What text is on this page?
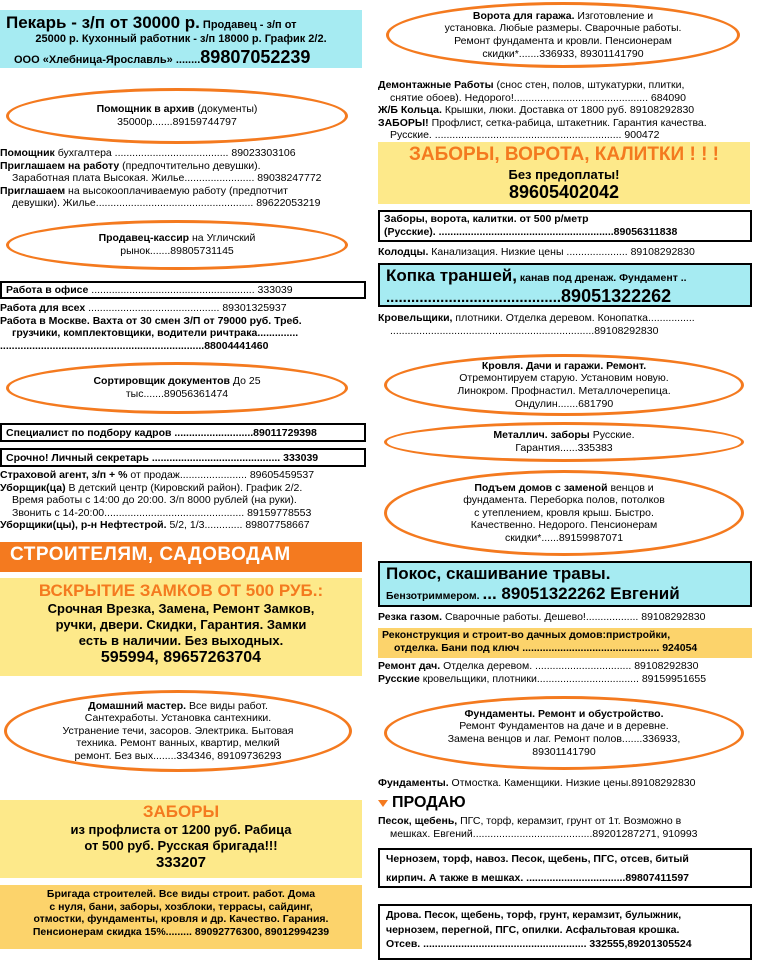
Пекарь - з/п от 30000 р. Продавец - з/п от
25000 р. Кухонный работник - з/п 18000 р. График 2/2.
ООО «Хлебница-Ярославль» ........89807052239
Помощник в архив (документы)
35000р.......89159744797
Помощник бухгалтера ....................................... 89023303106
Приглашаем на работу (предпочтительно девушки).
Заработная плата Высокая. Жилье........................ 89038247772
Приглашаем на высокооплачиваемую работу (предпотчит
девушки). Жилье...................................................... 89622053219
Продавец-кассир на Угличский
рынок.......89805731145
Работа в офисе ........................................................ 333039
Работа для всех ............................................. 89301325937
Работа в Москве. Вахта от 30 смен З/П от 79000 руб. Треб.
грузчики, комплектовщики, водители ричтрака..............
......................................................................88004441460
Сортировщик документов До 25
тыс.......89056361474
Специалист по подбору кадров ...........................89011729398
Срочно! Личный секретарь ............................................ 333039
Страховой агент, з/п + % от продаж....................... 89605459537
Уборщик(ца) В детский центр (Кировский район). График 2/2.
Время работы с 14:00 до 20:00. З/п 8000 рублей (на руки).
Звонить с 14-20:00................................................ 89159778553
Уборщики(цы), р-н Нефтестрой. 5/2, 1/3............. 89807758667
СТРОИТЕЛЯМ, САДОВОДАМ
ВСКРЫТИЕ ЗАМКОВ ОТ 500 РУБ.:
Срочная Врезка, Замена, Ремонт Замков,
ручки, двери. Скидки, Гарантия. Замки
есть в наличии. Без выходных.
595994, 89657263704
Домашний мастер. Все виды работ.
Сантехработы. Установка сантехники.
Устранение течи, засоров. Электрика. Бытовая
техника. Ремонт ванных, квартир, мелкий
ремонт. Без вых........334346, 89109736293
ЗАБОРЫ
из профлиста от 1200 руб. Рабица
от 500 руб. Русская бригада!!!
333207
Бригада строителей. Все виды строит. работ. Дома
с нуля, бани, заборы, хозблоки, террасы, сайдинг,
отмостки, фундаменты, кровля и др. Качество. Гарания.
Пенсионерам скидка 15%......... 89092776300, 89012994239
Ворота для гаража. Изготовление и
установка. Любые размеры. Сварочные работы.
Ремонт фундамента и кровли. Пенсионерам
скидки*.......336933, 89301141790
Демонтажные Работы (снос стен, полов, штукатурки, плитки,
снятие обоев). Недорого!.............................................. 684090
Ж/Б Кольца. Крышки, люки. Доставка от 1800 руб. 89108292830
ЗАБОРЫ! Профлист, сетка-рабица, штакетник. Гарантия качества.
Русские. ................................................................ 900472
ЗАБОРЫ, ВОРОТА, КАЛИТКИ ! ! !
Без предоплаты!
89605402042
Заборы, ворота, калитки. от 500 р/метр
(Русские). ............................................................89056311838
Колодцы. Канализация. Низкие цены ..................... 89108292830
Копка траншей, канав под дренаж. Фундамент ..
..........................................89051322262
Кровельщики, плотники. Отделка деревом. Конопатка................
......................................................................89108292830
Кровля. Дачи и гаражи. Ремонт.
Отремонтируем старую. Установим новую.
Линокром. Профнастил. Металлочерепица.
Ондулин.......681790
Металлич. заборы Русские.
Гарантия......335383
Подъем домов с заменой венцов и
фундамента. Переборка полов, потолков
с утеплением, кровля крыш. Быстро.
Качественно. Недорого. Пенсионерам
скидки*......89159987071
Покос, скашивание травы.
Бензотриммером. ... 89051322262 Евгений
Резка газом. Сварочные работы. Дешево!.................. 89108292830
Реконструкция и строит-во дачных домов:пристройки,
отделка. Бани под ключ ............................................... 924054
Ремонт дач. Отделка деревом. ................................. 89108292830
Русские кровельщики, плотники................................... 89159951655
Фундаменты. Ремонт и обустройство.
Ремонт Фундаментов на даче и в деревне.
Замена венцов и лаг. Ремонт полов.......336933,
89301141790
Фундаменты. Отмостка. Каменщики. Низкие цены.89108292830
ПРОДАЮ
Песок, щебень, ПГС, торф, керамзит, грунт от 1т. Возможно в
мешках. Евгений.........................................89201287271, 910993
Чернозем, торф, навоз. Песок, щебень, ПГС, отсев, битый
кирпич. А также в мешках. ..................................89807411597
Дрова. Песок, щебень, торф, грунт, керамзит, булыжник,
чернозем, перегной, ПГС, опилки. Асфальтовая крошка.
Отсев. ........................................................ 332555,89201305524
